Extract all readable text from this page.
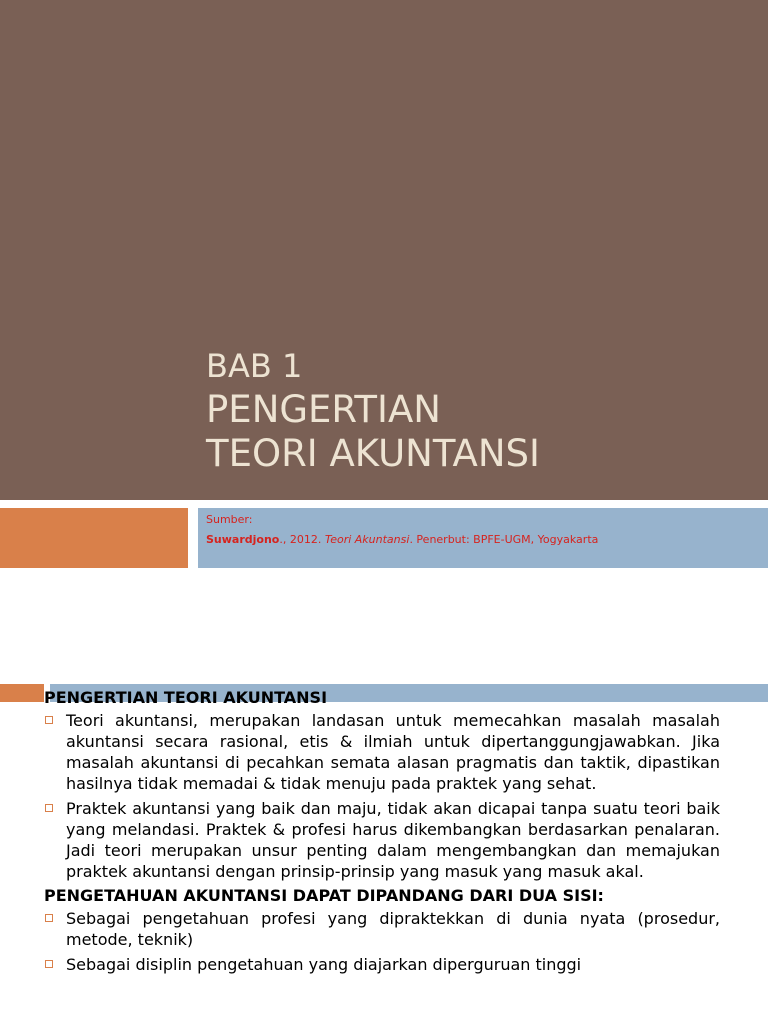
BAB 1
PENGERTIAN
TEORI AKUNTANSI
Sumber:
Suwardjono., 2012. Teori Akuntansi. Penerbut: BPFE-UGM, Yogyakarta

PENGERTIAN TEORI AKUNTANSI

Teori akuntansi, merupakan landasan untuk memecahkan masalah masalah akuntansi secara rasional, etis & ilmiah untuk dipertanggungjawabkan. Jika masalah akuntansi di pecahkan semata alasan pragmatis dan taktik, dipastikan hasilnya tidak memadai & tidak menuju pada praktek yang sehat.
Praktek akuntansi yang baik dan maju, tidak akan dicapai tanpa suatu teori baik yang melandasi. Praktek & profesi harus dikembangkan berdasarkan penalaran. Jadi teori merupakan unsur penting dalam mengembangkan dan memajukan praktek akuntansi dengan prinsip-prinsip yang masuk yang masuk akal.

PENGETAHUAN AKUNTANSI DAPAT DIPANDANG DARI DUA SISI:

Sebagai pengetahuan profesi yang dipraktekkan di dunia nyata (prosedur, metode, teknik)
Sebagai disiplin pengetahuan yang diajarkan diperguruan tinggi
